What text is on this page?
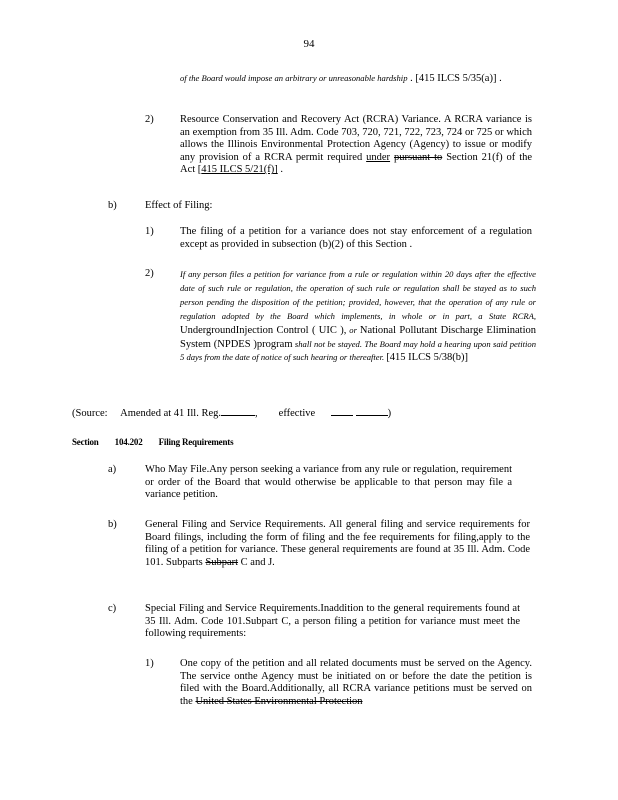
94
of the Board would impose an arbitrary or unreasonable hardship . [415 ILCS 5/35(a)] .
2)	Resource Conservation and Recovery Act (RCRA) Variance. A RCRA variance is an exemption from 35 Ill. Adm. Code 703, 720, 721, 722, 723, 724 or 725 or which allows the Illinois Environmental Protection Agency (Agency) to issue or modify any provision of a RCRA permit required under pursuant to Section 21(f) of the Act [415 ILCS 5/21(f)] .
b)	Effect of Filing:
1)	The filing of a petition for a variance does not stay enforcement of a regulation except as provided in subsection (b)(2) of this Section .
2)	If any person files a petition for variance from a rule or regulation within 20 days after the effective date of such rule or regulation, the operation of such rule or regulation shall be stayed as to such person pending the disposition of the petition; provided, however, that the operation of any rule or regulation adopted by the Board which implements, in whole or in part, a State RCRA, UndergroundInjection Control ( UIC ), or National Pollutant Discharge Elimination System (NPDES )program shall not be stayed. The Board may hold a hearing upon said petition 5 days from the date of notice of such hearing or thereafter. [415 ILCS 5/38(b)]
(Source: Amended at 41 Ill. Reg.	,        effective	)
Section 104.202 Filing Requirements
a)	Who May File.Any person seeking a variance from any rule or regulation, requirement or order of the Board that would otherwise be applicable to that person may file a variance petition.
b)	General Filing and Service Requirements. All general filing and service requirements for Board filings, including the form of filing and the fee requirements for filing,apply to the filing of a petition for variance. These general requirements are found at 35 Ill. Adm. Code 101. Subparts Subpart C and J.
c)	Special Filing and Service Requirements.Inaddition to the general requirements found at 35 Ill. Adm. Code 101.Subpart C, a person filing a petition for variance must meet the following requirements:
1)	One copy of the petition and all related documents must be served on the Agency. The service onthe Agency must be initiated on or before the date the petition is filed with the Board.Additionally, all RCRA variance petitions must be served on the United States Environmental Protection
